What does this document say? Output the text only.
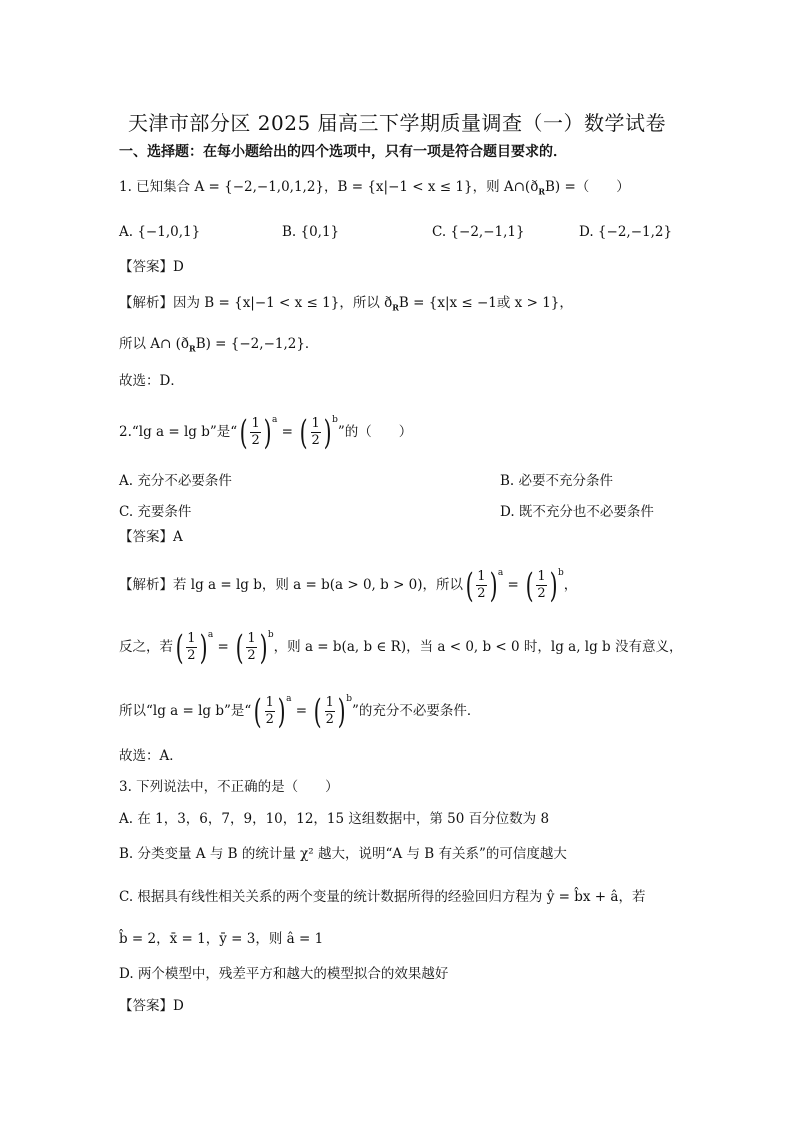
天津市部分区 2025 届高三下学期质量调查（一）数学试卷
一、选择题：在每小题给出的四个选项中，只有一项是符合题目要求的．
1. 已知集合 A = {−2,−1,0,1,2}，B = {x|−1 < x ≤ 1}，则 $A\cap(ð_RB)$ =（　　）
A. {−1,0,1}	B. {0,1}	C. {−2,−1,1}	D. {−2,−1,2}
【答案】D
【解析】因为 B = {x|−1 < x ≤ 1}，所以 $ð_RB = \{x|x \le -1$或 x > 1}，
所以 A∩ $(ð_RB) = \{-2,-1,2\}$．
故选：D．
2.“lg a = lg b”是“( $\frac{1}{2} )a$ = ( $\frac{1}{2} )b$”的（　　）
A. 充分不必要条件	B. 必要不充分条件
C. 充要条件	D. 既不充分也不必要条件
【答案】A
【解析】若 lg a = lg b，则 a = b(a > 0, b > 0)，所以( $\frac{1}{2} )a$ = ( $\frac{1}{2} )b$，
反之，若( $\frac{1}{2} )a$ = ( $\frac{1}{2} )b$，则 a = b(a, b ∈ R)，当 a < 0, b < 0 时，lg a, lg b 没有意义，
所以“lg a = lg b”是“( $\frac{1}{2} )a$ = ( $\frac{1}{2} )b$”的充分不必要条件．
故选：A．
3. 下列说法中，不正确的是（　　）
A. 在 1，3，6，7，9，10，12，15 这组数据中，第 50 百分位数为 8
B. 分类变量 A 与 B 的统计量 χ² 越大，说明“A 与 B 有关系”的可信度越大
C. 根据具有线性相关关系的两个变量的统计数据所得的经验回归方程为 ŷ = b̂x + â，若
b̂ = 2，x̄ = 1，ȳ = 3，则 â = 1
D. 两个模型中，残差平方和越大的模型拟合的效果越好
【答案】D
